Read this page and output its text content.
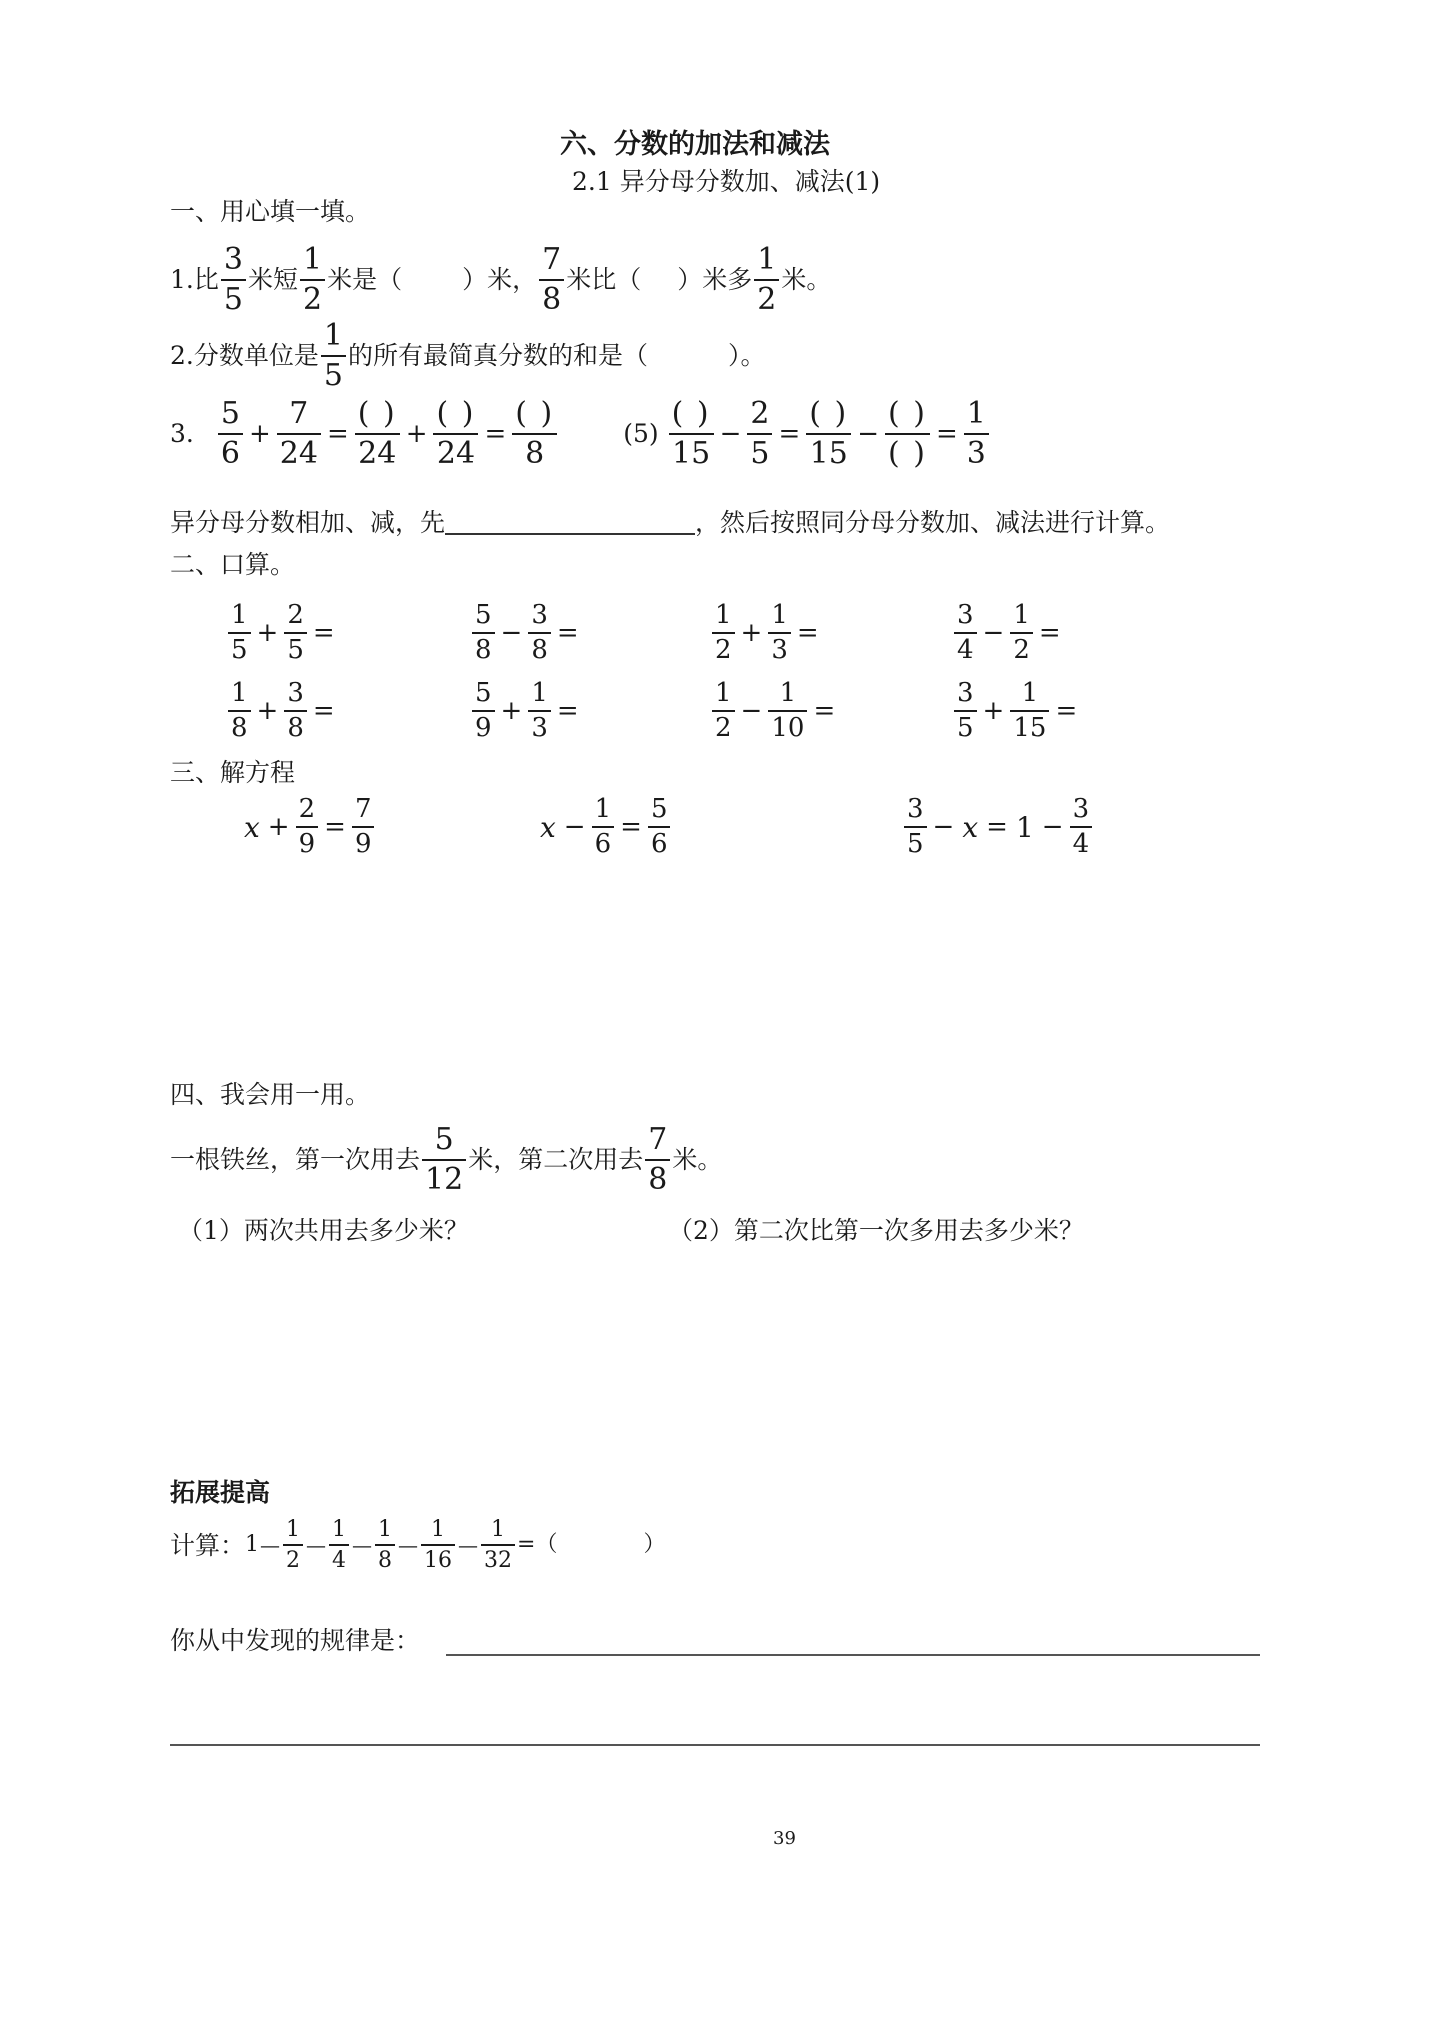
六、分数的加法和减法
2.1 异分母分数加、减法(1)
一、用心填一填。
1.比 $\frac{3}{5}$ 米短 $\frac{1}{2}$ 米是（ ）米， $\frac{7}{8}$ 米比（ ）米多 $\frac{1}{2}$ 米。
2.分数单位是 $\frac{1}{5}$ 的所有最简真分数的和是（	）。
3. $\frac{5}{6} + \frac{7}{24} = \frac{( )}{24} + \frac{( )}{24} = \frac{( )}{8}$	$(5) \frac{( )}{15} - \frac{2}{5} = \frac{( )}{15} - \frac{( )}{( )} = \frac{1}{3}$
异分母分数相加、减，先	，然后按照同分母分数加、减法进行计算。
二、口算。
$\frac{1}{5} + \frac{2}{5}$ =	$\frac{5}{8} - \frac{3}{8}$ =	$\frac{1}{2} + \frac{1}{3}$ =	$\frac{3}{4} - \frac{1}{2}$ =
$\frac{1}{8} + \frac{3}{8}$ =	$\frac{5}{9} + \frac{1}{3}$ =	$\frac{1}{2} - \frac{1}{10}$ =	$\frac{3}{5} + \frac{1}{15}$ =
三、解方程
$x + \frac{2}{9} = \frac{7}{9}$	$x - \frac{1}{6} = \frac{5}{6}$	$\frac{3}{5} - x = 1 - \frac{3}{4}$
四、我会用一用。
一根铁丝，第一次用去 $\frac{5}{12}$ 米，第二次用去 $\frac{7}{8}$ 米。
（1）两次共用去多少米？	（2）第二次比第一次多用去多少米？
拓展提高
计算： 1 — $\frac{1}{2}$ — $\frac{1}{4}$ — $\frac{1}{8}$ — $\frac{1}{16}$ — $\frac{1}{32}$ =（	）
你从中发现的规律是：
39
